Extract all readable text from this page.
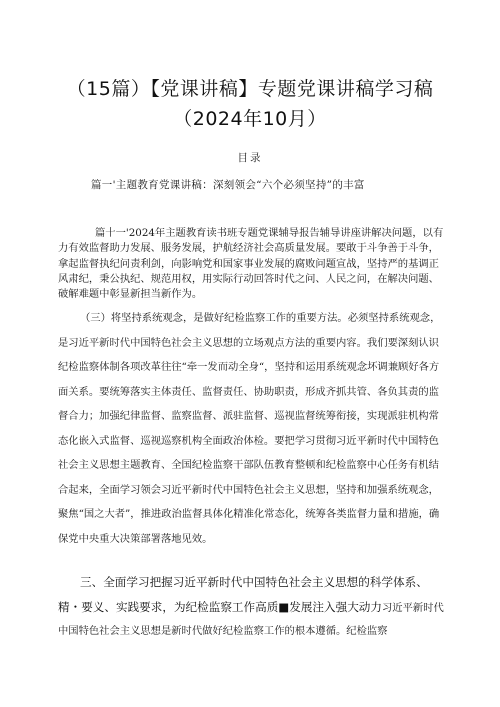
（15篇）【党课讲稿】专题党课讲稿学习稿
（2024年10月）
目录
篇一'主题教育党课讲稿：深刻领会“六个必须坚持”的丰富

篇十一'2024年主题教育读书班专题党课辅导报告辅导讲座讲解决问题，以有力有效监督助力发展、服务发展，护航经济社会高质量发展。要敢于斗争善于斗争，拿起监督执纪问责利剑，向影响党和国家事业发展的腐败问题宣战，坚持严的基调正风肃纪，秉公执纪、规范用权，用实际行动回答时代之问、人民之问，在解决问题、破解难题中彰显新担当新作为。

（三）将坚持系统观念，是做好纪检监察工作的重要方法。必须坚持系统观念，是习近平新时代中国特色社会主义思想的立场观点方法的重要内容。我们要深刻认识纪检监察体制各项改革往往“牵一发而动全身“，坚持和运用系统观念坏调兼顾好各方面关系。要统筹落实主体责任、监督责任、协助职责，形成齐抓共管、各负其责的监督合力；加强纪律监督、监察监督、派驻监督、巡视监督统筹衔接，实现派驻机构常态化嵌入式监督、巡视巡察机构全面政治体检。要把学习贯彻习近平新时代中国特色社会主义思想主题教育、全国纪检监察干部队伍教育整顿和纪检监察中心任务有机结合起来，全面学习领会习近平新时代中国特色社会主义思想，坚持和加强系统观念，聚焦“国之大者”，推进政治监督具体化精准化常态化，统筹各类监督力量和措施，确保党中央重大决策部署落地见效。

三、全面学习把握习近平新时代中国特色社会主义思想的科学体系、精・要义、实践要求，为纪检监察工作高质■发展注入强大动力习近平新时代中国特色社会主义思想是新时代做好纪检监察工作的根本遵循。纪检监察
